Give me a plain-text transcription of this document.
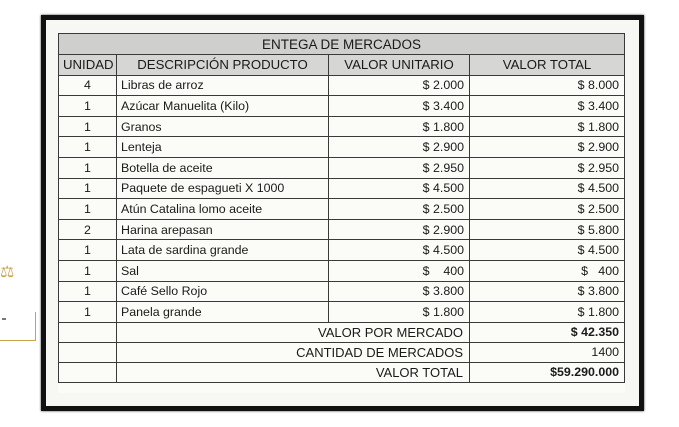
⚖
ENTEGA DE MERCADOS			
UNIDAD	DESCRIPCIÓN PRODUCTO	VALOR UNITARIO	VALOR TOTAL
4	Libras de arroz	$ 2.000	$ 8.000
1	Azúcar Manuelita (Kilo)	$ 3.400	$ 3.400
1	Granos	$ 1.800	$ 1.800
1	Lenteja	$ 2.900	$ 2.900
1	Botella de aceite	$ 2.950	$ 2.950
1	Paquete de espagueti X 1000	$ 4.500	$ 4.500
1	Atún Catalina lomo aceite	$ 2.500	$ 2.500
2	Harina arepasan	$ 2.900	$ 5.800
1	Lata de sardina grande	$ 4.500	$ 4.500
1	Sal	$    400	$   400
1	Café Sello Rojo	$ 3.800	$ 3.800
1	Panela grande	$ 1.800	$ 1.800
	VALOR POR MERCADO		$ 42.350
	CANTIDAD DE MERCADOS		1400
	VALOR TOTAL		$59.290.000
